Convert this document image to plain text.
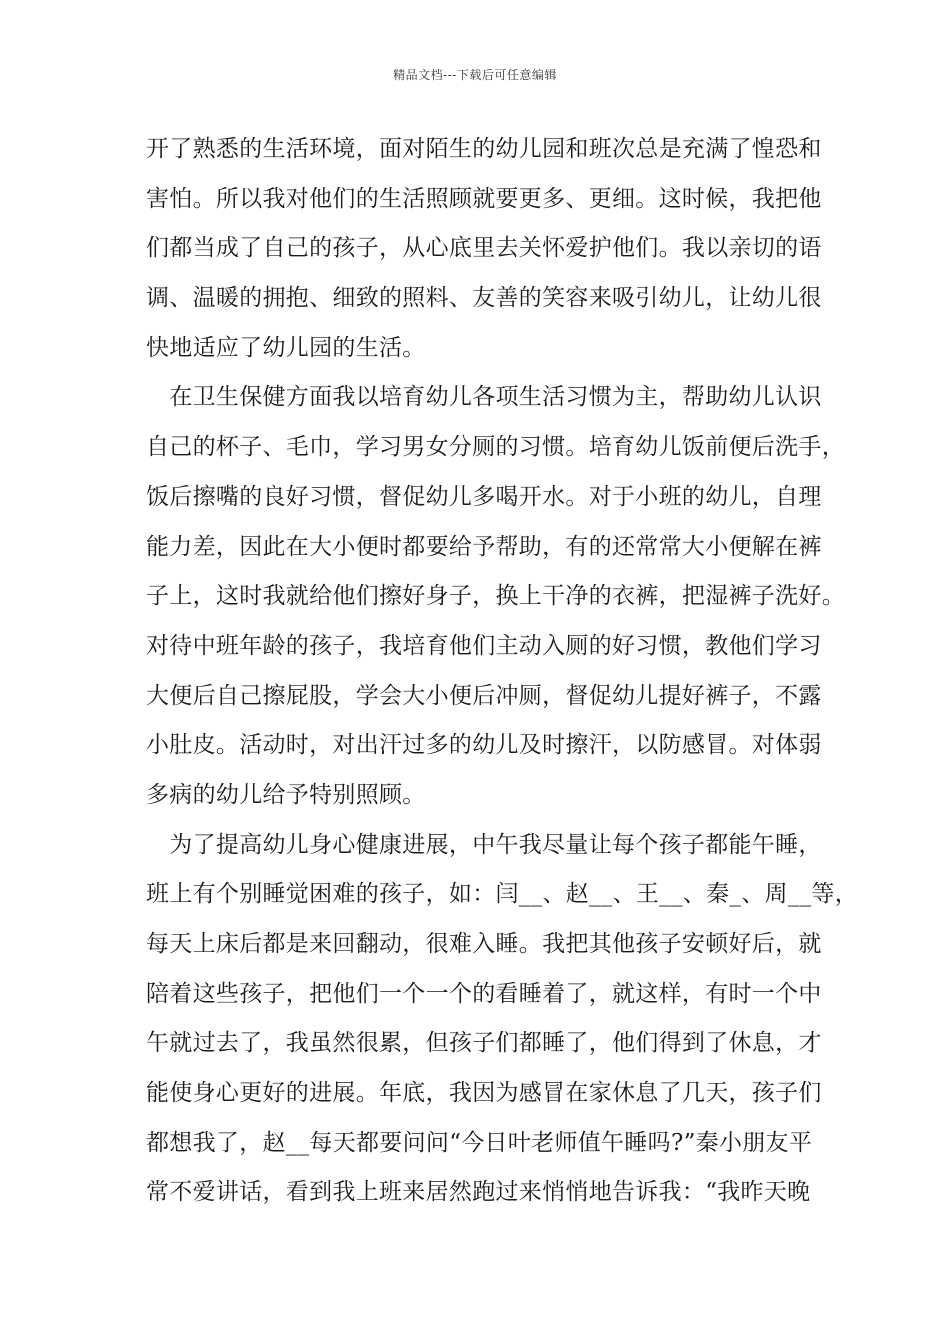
精品文档---下载后可任意编辑
开了熟悉的生活环境，面对陌生的幼儿园和班次总是充满了惶恐和
害怕。所以我对他们的生活照顾就要更多、更细。这时候，我把他
们都当成了自己的孩子，从心底里去关怀爱护他们。我以亲切的语
调、温暖的拥抱、细致的照料、友善的笑容来吸引幼儿，让幼儿很
快地适应了幼儿园的生活。
　在卫生保健方面我以培育幼儿各项生活习惯为主，帮助幼儿认识
自己的杯子、毛巾，学习男女分厕的习惯。培育幼儿饭前便后洗手，
饭后擦嘴的良好习惯，督促幼儿多喝开水。对于小班的幼儿，自理
能力差，因此在大小便时都要给予帮助，有的还常常大小便解在裤
子上，这时我就给他们擦好身子，换上干净的衣裤，把湿裤子洗好。
对待中班年龄的孩子，我培育他们主动入厕的好习惯，教他们学习
大便后自己擦屁股，学会大小便后冲厕，督促幼儿提好裤子，不露
小肚皮。活动时，对出汗过多的幼儿及时擦汗，以防感冒。对体弱
多病的幼儿给予特别照顾。
　为了提高幼儿身心健康进展，中午我尽量让每个孩子都能午睡，
班上有个别睡觉困难的孩子，如：闫__、赵__、王__、秦_、周__等，
每天上床后都是来回翻动，很难入睡。我把其他孩子安顿好后，就
陪着这些孩子，把他们一个一个的看睡着了，就这样，有时一个中
午就过去了，我虽然很累，但孩子们都睡了，他们得到了休息，才
能使身心更好的进展。年底，我因为感冒在家休息了几天，孩子们
都想我了，赵__每天都要问问“今日叶老师值午睡吗?”秦小朋友平
常不爱讲话，看到我上班来居然跑过来悄悄地告诉我：“我昨天晚
